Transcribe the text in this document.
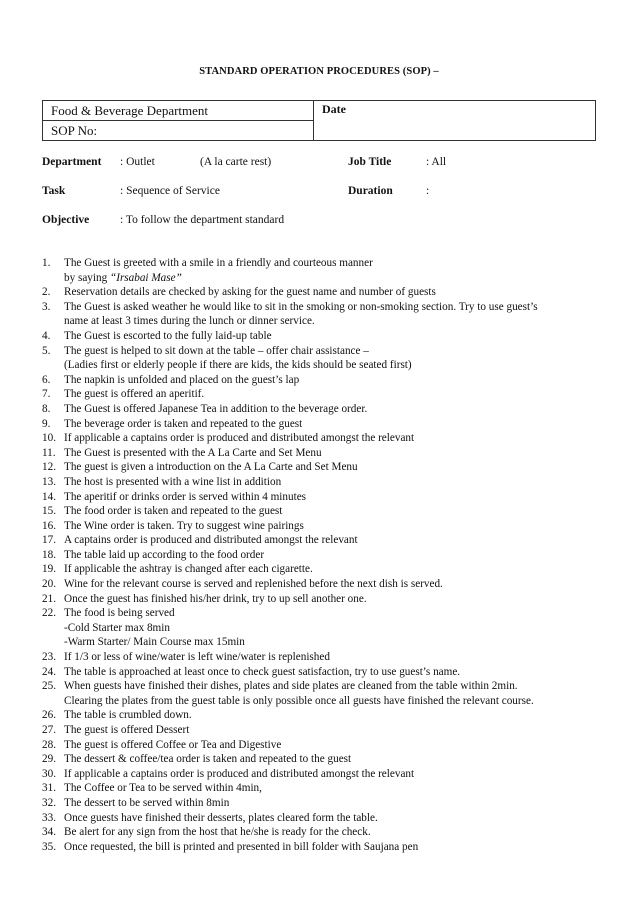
STANDARD OPERATION PROCEDURES (SOP) –
Food & Beverage Department	Date
SOP No:
Department : Outlet	(A la carte rest)	Job Title	: All
Task	: Sequence of Service	Duration	:
Objective	: To follow the department standard
1. The Guest is greeted with a smile in a friendly and courteous manner
by saying “Irsabai Mase”
2. Reservation details are checked by asking for the guest name and number of guests
3. The Guest is asked weather he would like to sit in the smoking or non-smoking section. Try to use guest’s
name at least 3 times during the lunch or dinner service.
4. The Guest is escorted to the fully laid-up table
5. The guest is helped to sit down at the table – offer chair assistance –
(Ladies first or elderly people if there are kids, the kids should be seated first)
6. The napkin is unfolded and placed on the guest’s lap
7. The guest is offered an aperitif.
8. The Guest is offered Japanese Tea in addition to the beverage order.
9. The beverage order is taken and repeated to the guest
10. If applicable a captains order is produced and distributed amongst the relevant
11. The Guest is presented with the A La Carte and Set Menu
12. The guest is given a introduction on the A La Carte and Set Menu
13. The host is presented with a wine list in addition
14. The aperitif or drinks order is served within 4 minutes
15. The food order is taken and repeated to the guest
16. The Wine order is taken. Try to suggest wine pairings
17. A captains order is produced and distributed amongst the relevant
18. The table laid up according to the food order
19. If applicable the ashtray is changed after each cigarette.
20. Wine for the relevant course is served and replenished before the next dish is served.
21. Once the guest has finished his/her drink, try to up sell another one.
22. The food is being served
-Cold Starter max 8min
-Warm Starter/ Main Course max 15min
23. If 1/3 or less of wine/water is left wine/water is replenished
24. The table is approached at least once to check guest satisfaction, try to use guest’s name.
25. When guests have finished their dishes, plates and side plates are cleaned from the table within 2min.
Clearing the plates from the guest table is only possible once all guests have finished the relevant course.
26. The table is crumbled down.
27. The guest is offered Dessert
28. The guest is offered Coffee or Tea and Digestive
29. The dessert & coffee/tea order is taken and repeated to the guest
30. If applicable a captains order is produced and distributed amongst the relevant
31. The Coffee or Tea to be served within 4min,
32. The dessert to be served within 8min
33. Once guests have finished their desserts, plates cleared form the table.
34. Be alert for any sign from the host that he/she is ready for the check.
35. Once requested, the bill is printed and presented in bill folder with Saujana pen
